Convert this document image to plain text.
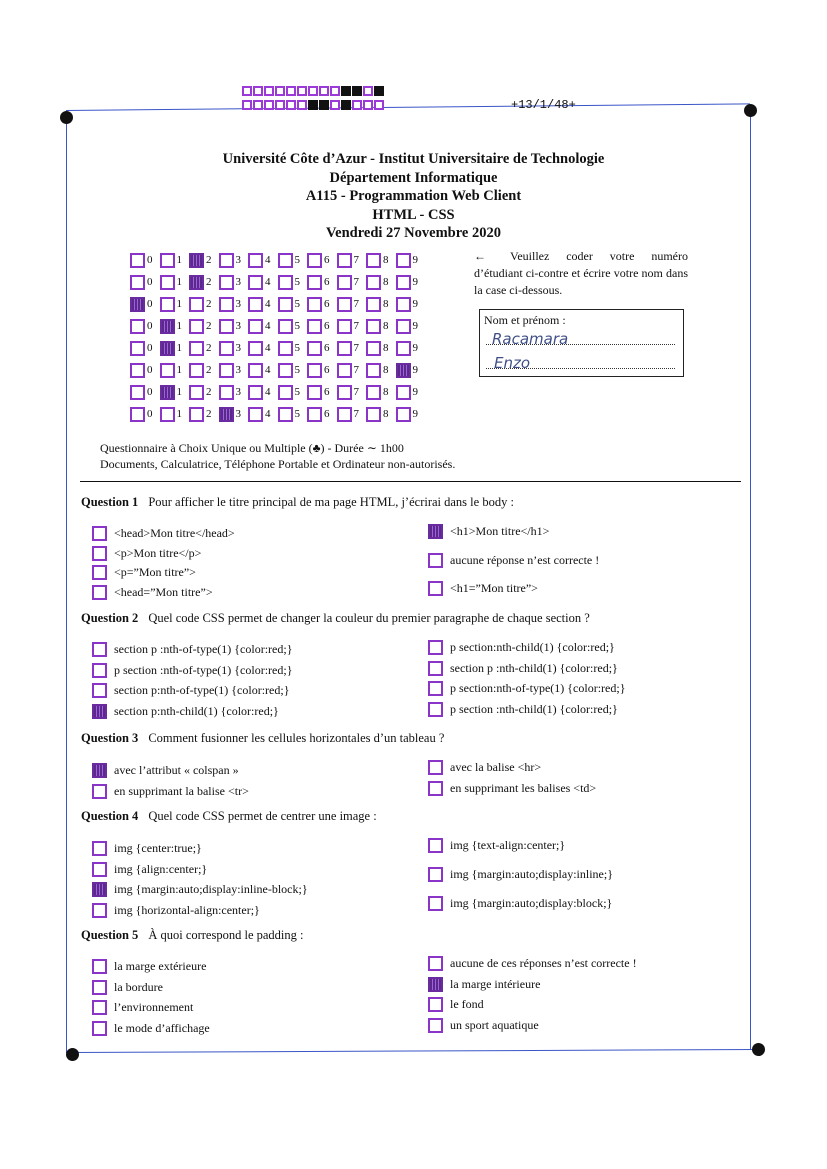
+13/1/48+
Université Côte d’Azur - Institut Universitaire de Technologie
Département Informatique
A115 - Programmation Web Client
HTML - CSS
Vendredi 27 Novembre 2020
0 1 2 3 4 5 6 7 8 9
0 1 2 3 4 5 6 7 8 9
0 1 2 3 4 5 6 7 8 9
0 1 2 3 4 5 6 7 8 9
0 1 2 3 4 5 6 7 8 9
0 1 2 3 4 5 6 7 8 9
0 1 2 3 4 5 6 7 8 9
0 1 2 3 4 5 6 7 8 9
← Veuillez coder votre numéro d’étudiant ci-contre et écrire votre nom dans la case ci-dessous.
Nom et prénom :
Racamara
Enzo
Questionnaire à Choix Unique ou Multiple (♣) - Durée ∼ 1h00
Documents, Calculatrice, Téléphone Portable et Ordinateur non-autorisés.
Question 1 Pour afficher le titre principal de ma page HTML, j’écrirai dans le body :
<head>Mon titre</head>
<p>Mon titre</p>
<p=”Mon titre”>
<head=”Mon titre”>
<h1>Mon titre</h1>
aucune réponse n’est correcte !
<h1=”Mon titre”>
Question 2 Quel code CSS permet de changer la couleur du premier paragraphe de chaque section ?
section p :nth-of-type(1) {color:red;}
p section :nth-of-type(1) {color:red;}
section p:nth-of-type(1) {color:red;}
section p:nth-child(1) {color:red;}
p section:nth-child(1) {color:red;}
section p :nth-child(1) {color:red;}
p section:nth-of-type(1) {color:red;}
p section :nth-child(1) {color:red;}
Question 3 Comment fusionner les cellules horizontales d’un tableau ?
avec l’attribut « colspan »
en supprimant la balise <tr>
avec la balise <hr>
en supprimant les balises <td>
Question 4 Quel code CSS permet de centrer une image :
img {center:true;}
img {align:center;}
img {margin:auto;display:inline-block;}
img {horizontal-align:center;}
img {text-align:center;}
img {margin:auto;display:inline;}
img {margin:auto;display:block;}
Question 5 À quoi correspond le padding :
la marge extérieure
la bordure
l’environnement
le mode d’affichage
aucune de ces réponses n’est correcte !
la marge intérieure
le fond
un sport aquatique
